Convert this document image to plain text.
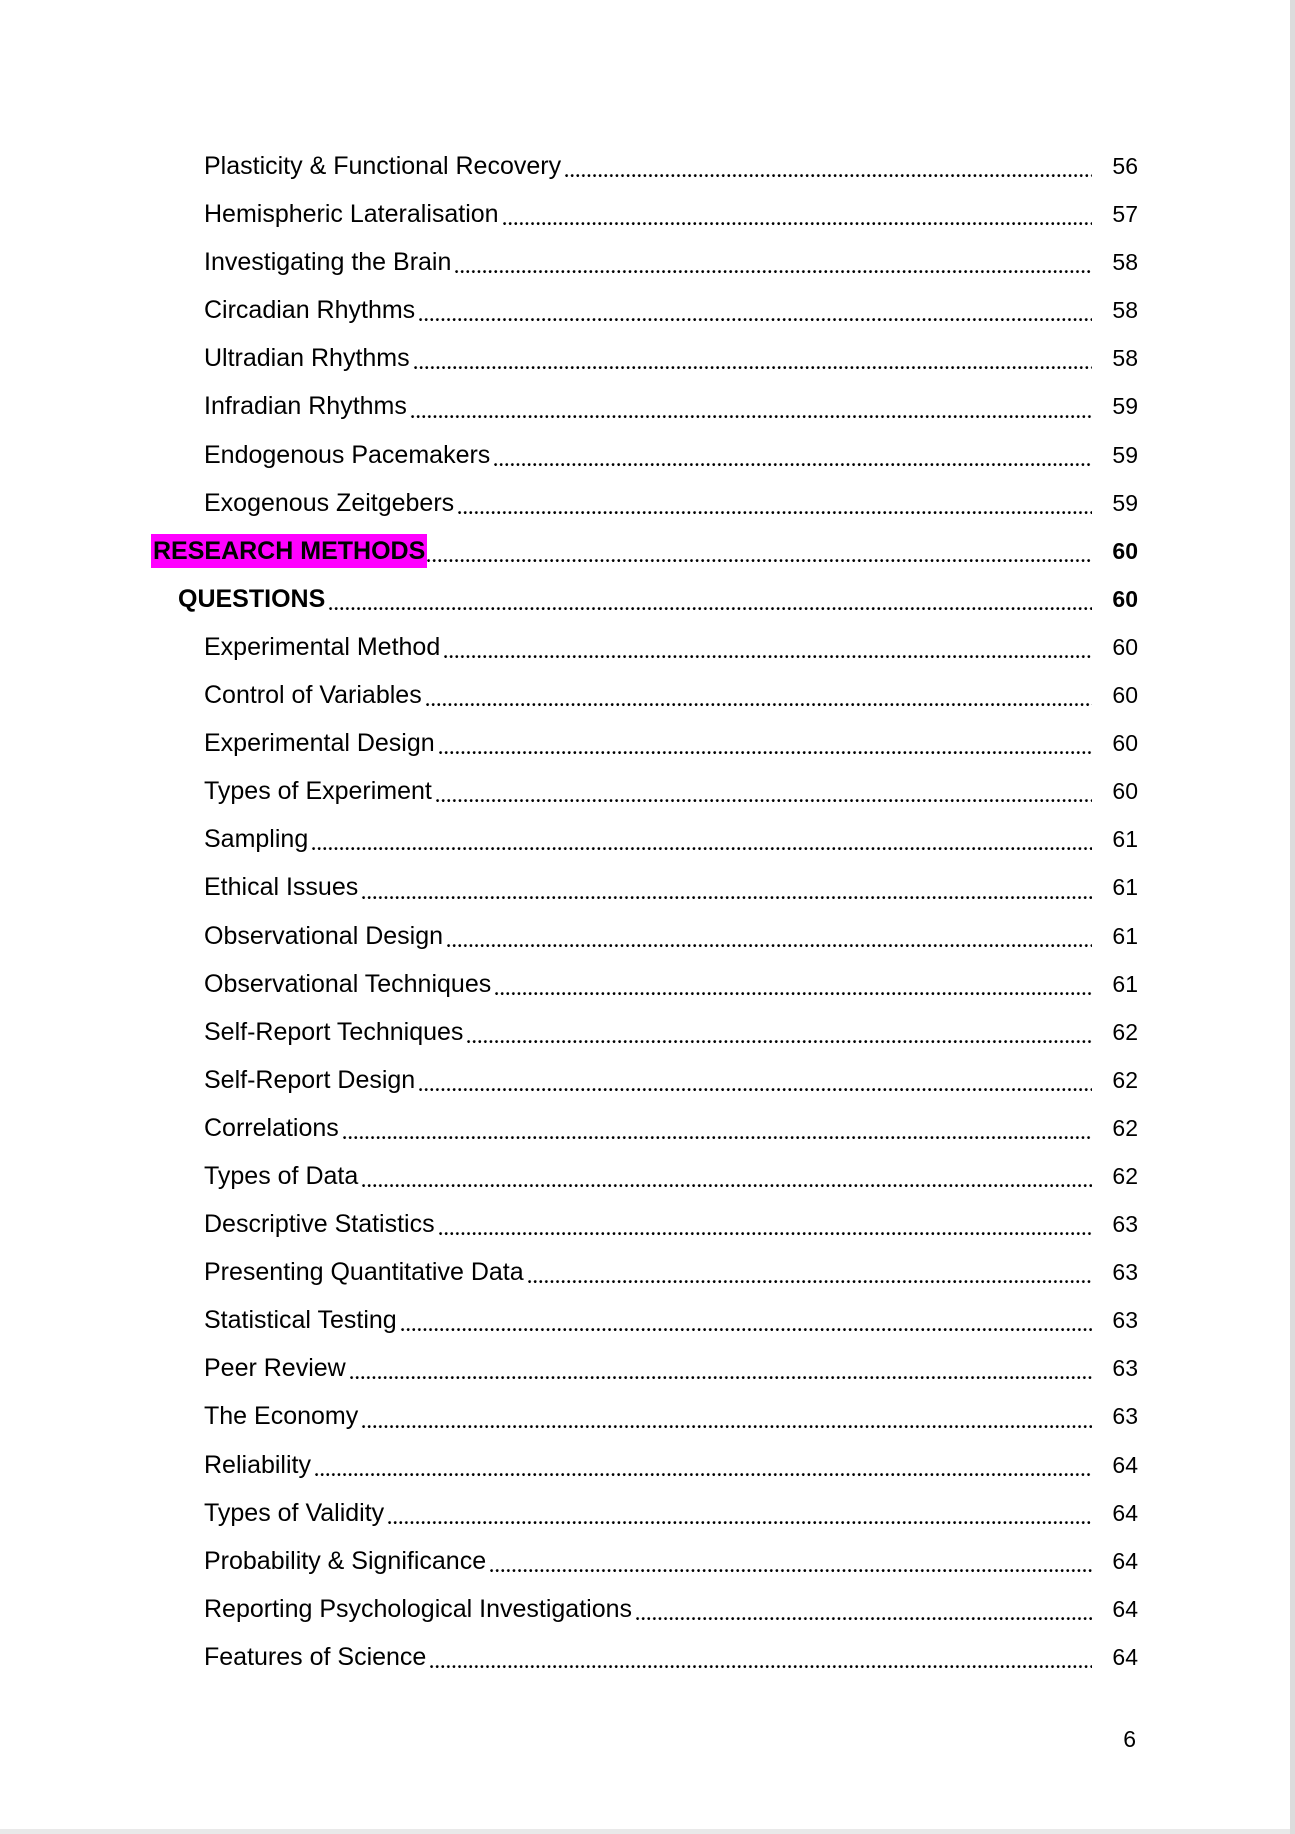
Plasticity & Functional Recovery	56
Hemispheric Lateralisation	57
Investigating the Brain	58
Circadian Rhythms	58
Ultradian Rhythms	58
Infradian Rhythms	59
Endogenous Pacemakers	59
Exogenous Zeitgebers	59
RESEARCH METHODS	60
QUESTIONS	60
Experimental Method	60
Control of Variables	60
Experimental Design	60
Types of Experiment	60
Sampling	61
Ethical Issues	61
Observational Design	61
Observational Techniques	61
Self-Report Techniques	62
Self-Report Design	62
Correlations	62
Types of Data	62
Descriptive Statistics	63
Presenting Quantitative Data	63
Statistical Testing	63
Peer Review	63
The Economy	63
Reliability	64
Types of Validity	64
Probability & Significance	64
Reporting Psychological Investigations	64
Features of Science	64
6
